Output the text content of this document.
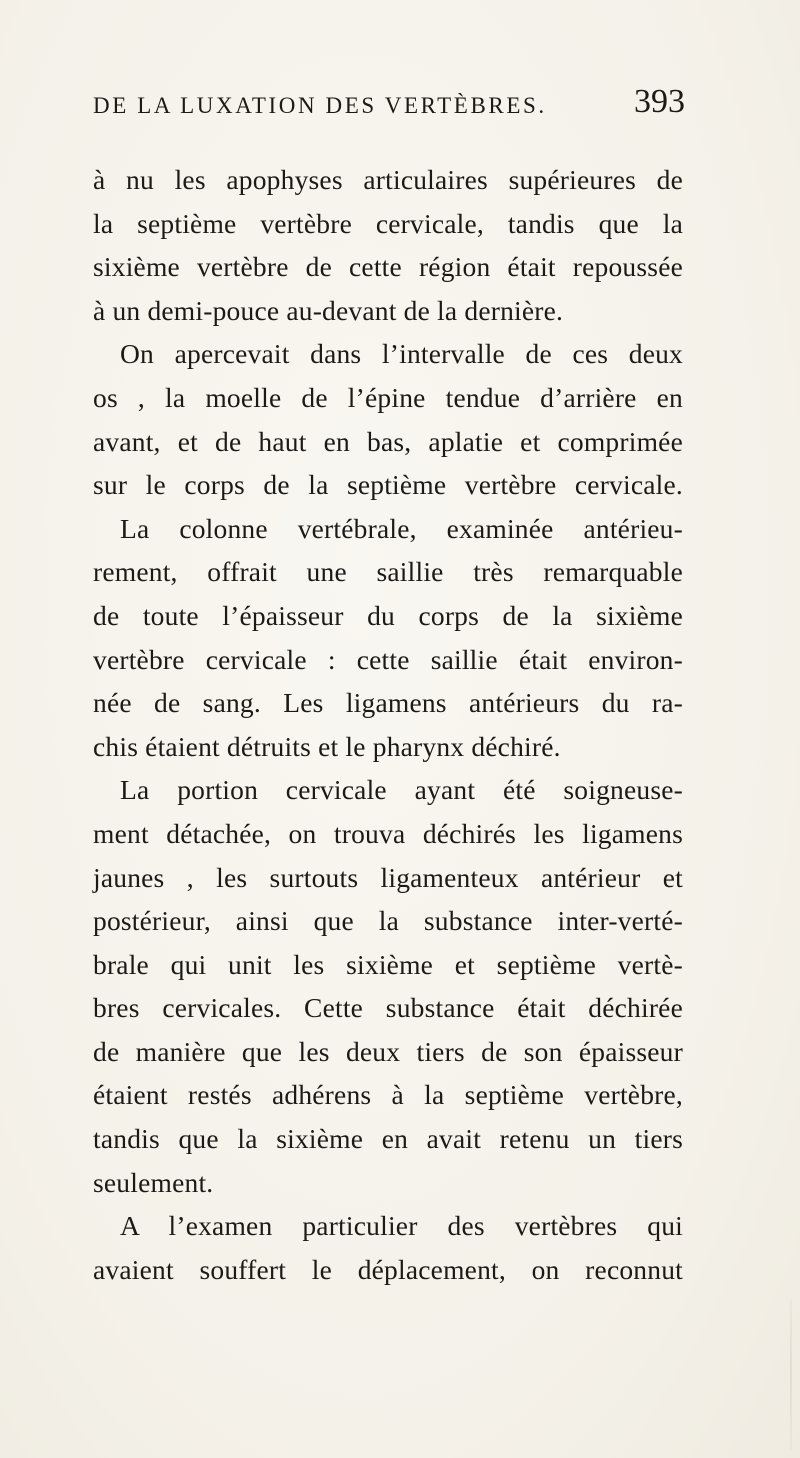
DE LA LUXATION DES VERTÈBRES.	393
à nu les apophyses articulaires supérieures de
la septième vertèbre cervicale, tandis que la
sixième vertèbre de cette région était repoussée
à un demi-pouce au-devant de la dernière.
On apercevait dans l’intervalle de ces deux
os , la moelle de l’épine tendue d’arrière en
avant, et de haut en bas, aplatie et comprimée
sur le corps de la septième vertèbre cervicale.
La colonne vertébrale, examinée antérieu-
rement, offrait une saillie très remarquable
de toute l’épaisseur du corps de la sixième
vertèbre cervicale : cette saillie était environ-
née de sang. Les ligamens antérieurs du ra-
chis étaient détruits et le pharynx déchiré.
La portion cervicale ayant été soigneuse-
ment détachée, on trouva déchirés les ligamens
jaunes , les surtouts ligamenteux antérieur et
postérieur, ainsi que la substance inter-verté-
brale qui unit les sixième et septième vertè-
bres cervicales. Cette substance était déchirée
de manière que les deux tiers de son épaisseur
étaient restés adhérens à la septième vertèbre,
tandis que la sixième en avait retenu un tiers
seulement.
A l’examen particulier des vertèbres qui
avaient souffert le déplacement, on reconnut
